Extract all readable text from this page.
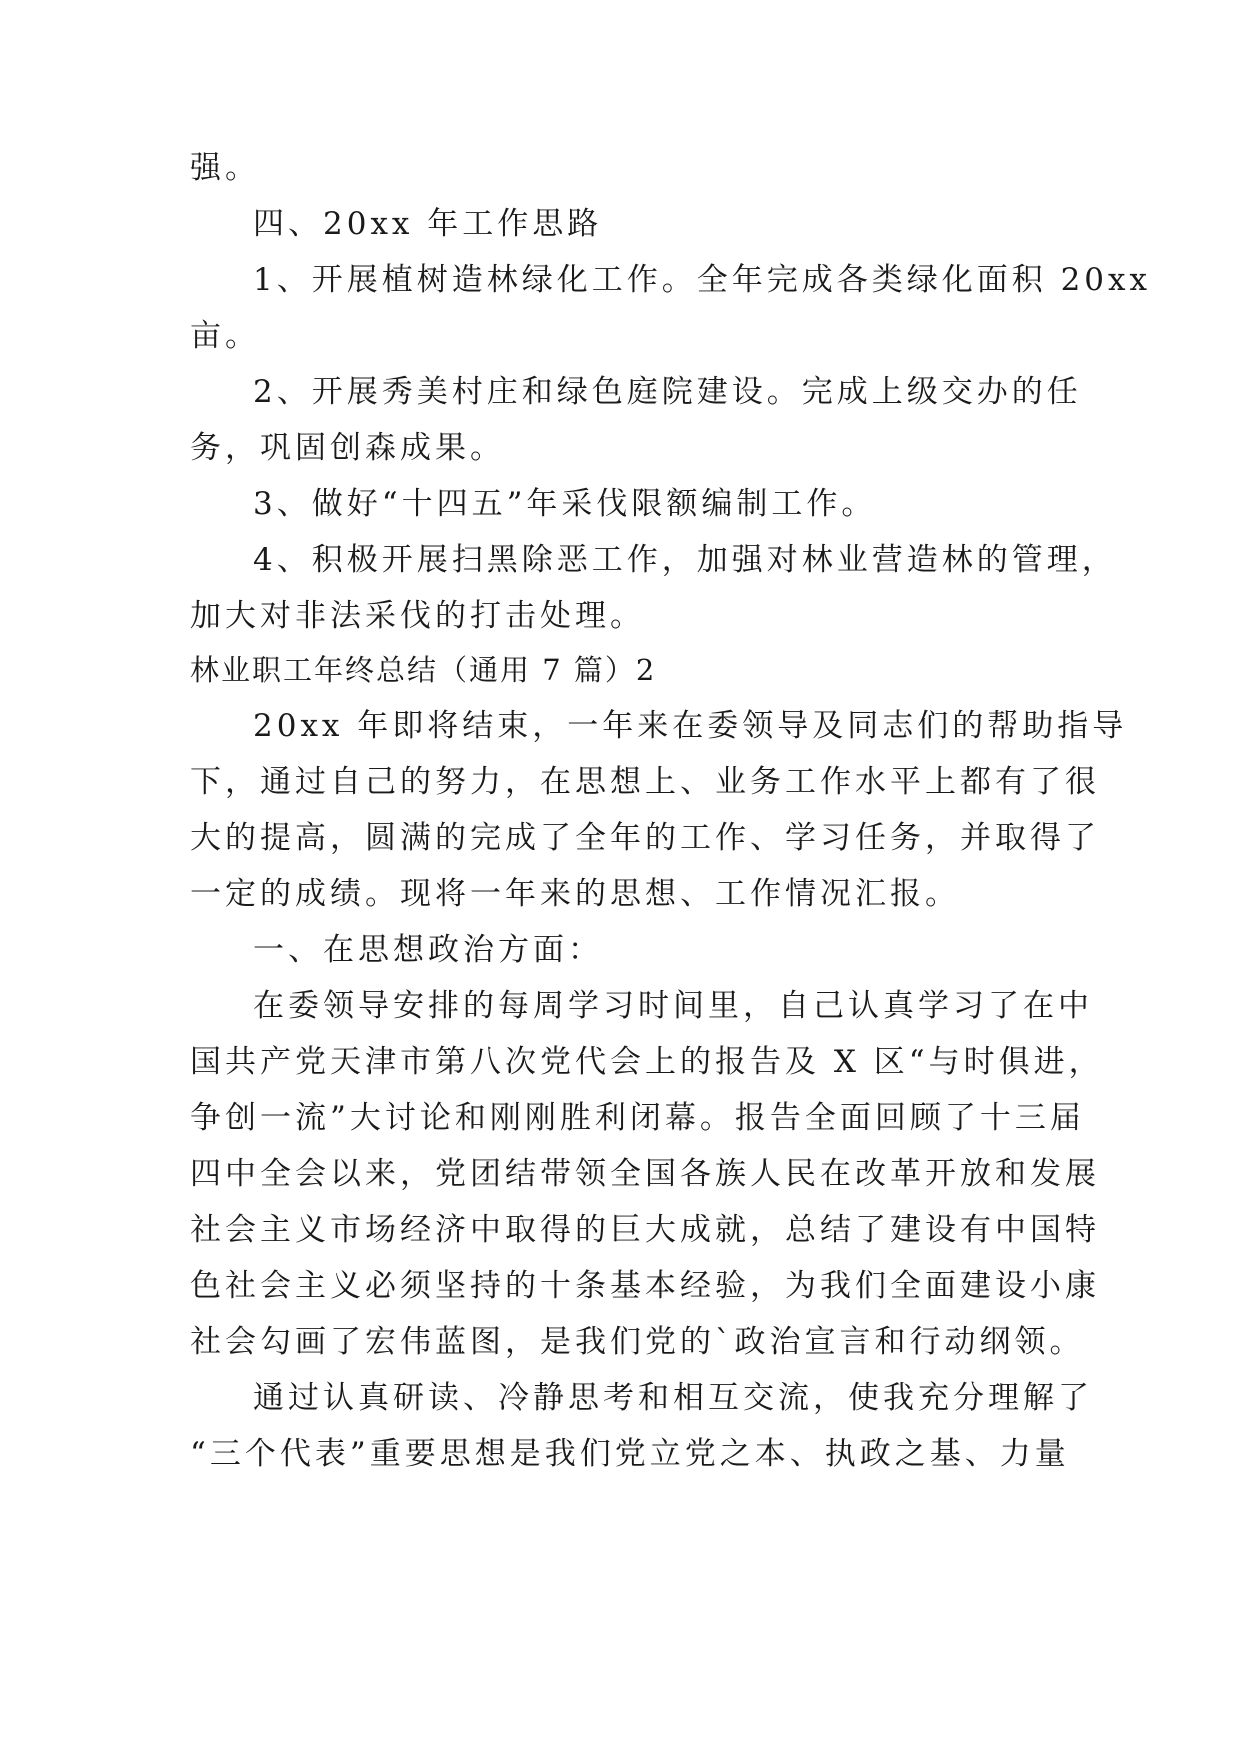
强。
四、20xx 年工作思路
1、开展植树造林绿化工作。全年完成各类绿化面积 20xx
亩。
2、开展秀美村庄和绿色庭院建设。完成上级交办的任
务，巩固创森成果。
3、做好“十四五”年采伐限额编制工作。
4、积极开展扫黑除恶工作，加强对林业营造林的管理，
加大对非法采伐的打击处理。
林业职工年终总结（通用 7 篇）2
20xx 年即将结束，一年来在委领导及同志们的帮助指导
下，通过自己的努力，在思想上、业务工作水平上都有了很
大的提高，圆满的完成了全年的工作、学习任务，并取得了
一定的成绩。现将一年来的思想、工作情况汇报。
一、在思想政治方面：
在委领导安排的每周学习时间里，自己认真学习了在中
国共产党天津市第八次党代会上的报告及 X 区“与时俱进，
争创一流”大讨论和刚刚胜利闭幕。报告全面回顾了十三届
四中全会以来，党团结带领全国各族人民在改革开放和发展
社会主义市场经济中取得的巨大成就，总结了建设有中国特
色社会主义必须坚持的十条基本经验，为我们全面建设小康
社会勾画了宏伟蓝图，是我们党的`政治宣言和行动纲领。
通过认真研读、冷静思考和相互交流，使我充分理解了
“三个代表”重要思想是我们党立党之本、执政之基、力量
